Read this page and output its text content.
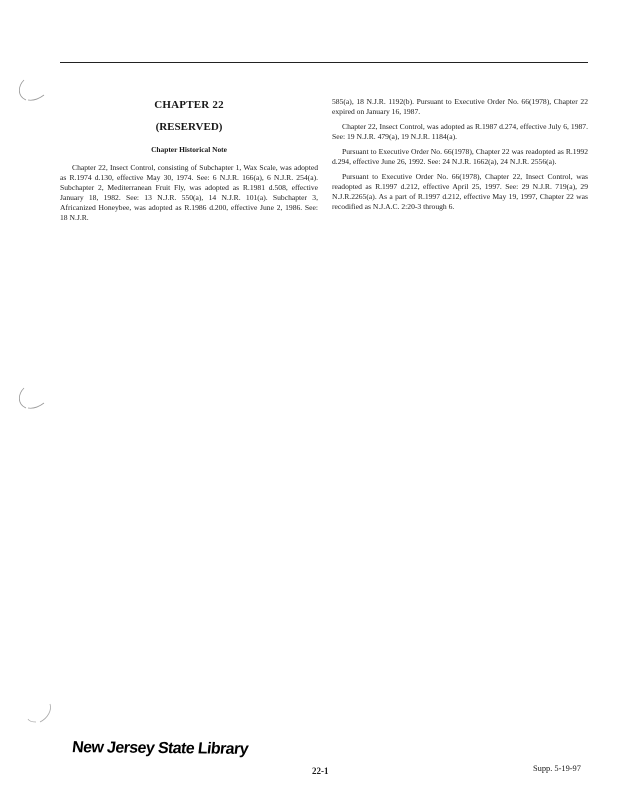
CHAPTER 22
(RESERVED)
Chapter Historical Note

Chapter 22, Insect Control, consisting of Subchapter 1, Wax Scale, was adopted as R.1974 d.130, effective May 30, 1974. See: 6 N.J.R. 166(a), 6 N.J.R. 254(a). Subchapter 2, Mediterranean Fruit Fly, was adopted as R.1981 d.508, effective January 18, 1982. See: 13 N.J.R. 550(a), 14 N.J.R. 101(a). Subchapter 3, Africanized Honeybee, was adopted as R.1986 d.200, effective June 2, 1986. See: 18 N.J.R.

585(a), 18 N.J.R. 1192(b). Pursuant to Executive Order No. 66(1978), Chapter 22 expired on January 16, 1987.

Chapter 22, Insect Control, was adopted as R.1987 d.274, effective July 6, 1987. See: 19 N.J.R. 479(a), 19 N.J.R. 1184(a).

Pursuant to Executive Order No. 66(1978), Chapter 22 was readopted as R.1992 d.294, effective June 26, 1992. See: 24 N.J.R. 1662(a), 24 N.J.R. 2556(a).

Pursuant to Executive Order No. 66(1978), Chapter 22, Insect Control, was readopted as R.1997 d.212, effective April 25, 1997. See: 29 N.J.R. 719(a), 29 N.J.R.2265(a). As a part of R.1997 d.212, effective May 19, 1997, Chapter 22 was recodified as N.J.A.C. 2:20-3 through 6.

New Jersey State Library
22-1	Supp. 5-19-97
